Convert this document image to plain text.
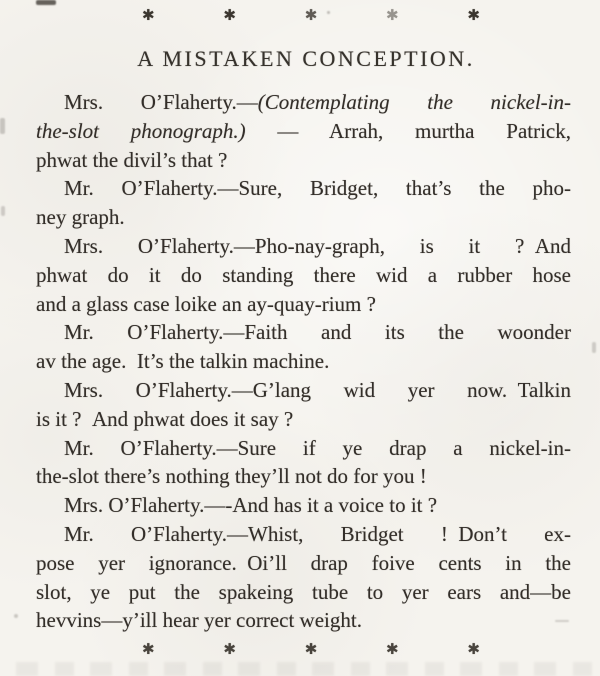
✱	✱	✱	✱	✱
A MISTAKEN CONCEPTION.
Mrs. O’Flaherty.—(Contemplating the nickel-in-
the-slot phonograph.) — Arrah, murtha Patrick,
phwat the divil’s that ?
Mr. O’Flaherty.—Sure, Bridget, that’s the pho-
ney graph.
Mrs. O’Flaherty.—Pho-nay-graph, is it ? And
phwat do it do standing there wid a rubber hose
and a glass case loike an ay-quay-rium ?
Mr. O’Flaherty.—Faith and its the woonder
av the age. It’s the talkin machine.
Mrs. O’Flaherty.—G’lang wid yer now. Talkin
is it ? And phwat does it say ?
Mr. O’Flaherty.—Sure if ye drap a nickel-in-
the-slot there’s nothing they’ll not do for you !
Mrs. O’Flaherty.—-And has it a voice to it ?
Mr. O’Flaherty.—Whist, Bridget ! Don’t ex-
pose yer ignorance. Oi’ll drap foive cents in the
slot, ye put the spakeing tube to yer ears and—be
hevvins—y’ill hear yer correct weight.
✱	✱	✱	✱	✱
